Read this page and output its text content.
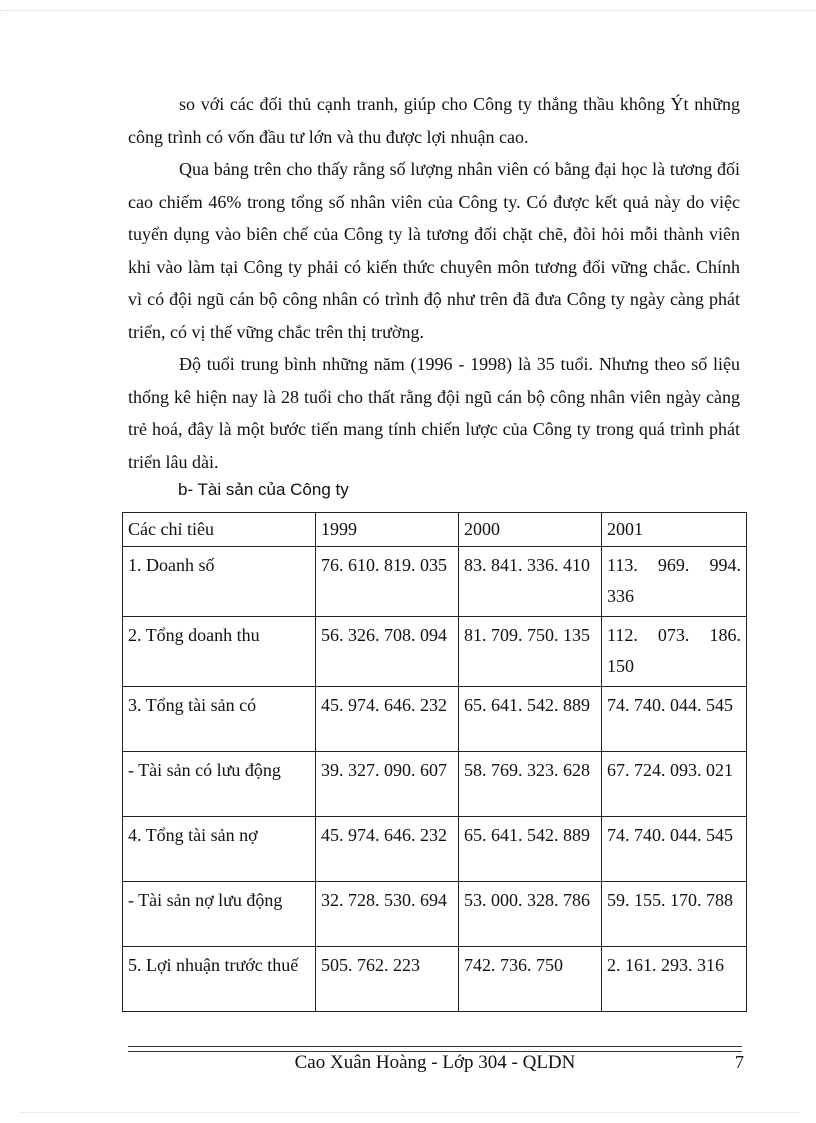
so với các đối thủ cạnh tranh, giúp cho Công ty thắng thầu không Ýt những công trình có vốn đầu tư lớn và thu được lợi nhuận cao.

Qua bảng trên cho thấy rằng số lượng nhân viên có bằng đại học là tương đối cao chiếm 46% trong tổng số nhân viên của Công ty. Có được kết quả này do việc tuyển dụng vào biên chế của Công ty là tương đối chặt chẽ, đòi hỏi mỗi thành viên khi vào làm tại Công ty phải có kiến thức chuyên môn tương đối vững chắc. Chính vì có đội ngũ cán bộ công nhân có trình độ như trên đã đưa Công ty ngày càng phát triển, có vị thế vững chắc trên thị trường.

Độ tuổi trung bình những năm (1996 - 1998) là 35 tuổi. Nhưng theo số liệu thống kê hiện nay là 28 tuổi cho thất rằng đội ngũ cán bộ công nhân viên ngày càng trẻ hoá, đây là một bước tiến mang tính chiến lược của Công ty trong quá trình phát triển lâu dài.

b- Tài sản của Công ty
Các chỉ tiêu	1999	2000	2001
1. Doanh số	76. 610. 819. 035	83. 841. 336. 410	113. 969. 994. 336
2. Tổng doanh thu	56. 326. 708. 094	81. 709. 750. 135	112. 073. 186. 150
3. Tổng tài sản có	45. 974. 646. 232	65. 641. 542. 889	74. 740. 044. 545
- Tài sản có lưu động	39. 327. 090. 607	58. 769. 323. 628	67. 724. 093. 021
4. Tổng tài sản nợ	45. 974. 646. 232	65. 641. 542. 889	74. 740. 044. 545
- Tài sản nợ lưu động	32. 728. 530. 694	53. 000. 328. 786	59. 155. 170. 788
5. Lợi nhuận trước thuế	505. 762. 223	742. 736. 750	2. 161. 293. 316
Cao Xuân Hoàng - Lớp 304 - QLDN	7
